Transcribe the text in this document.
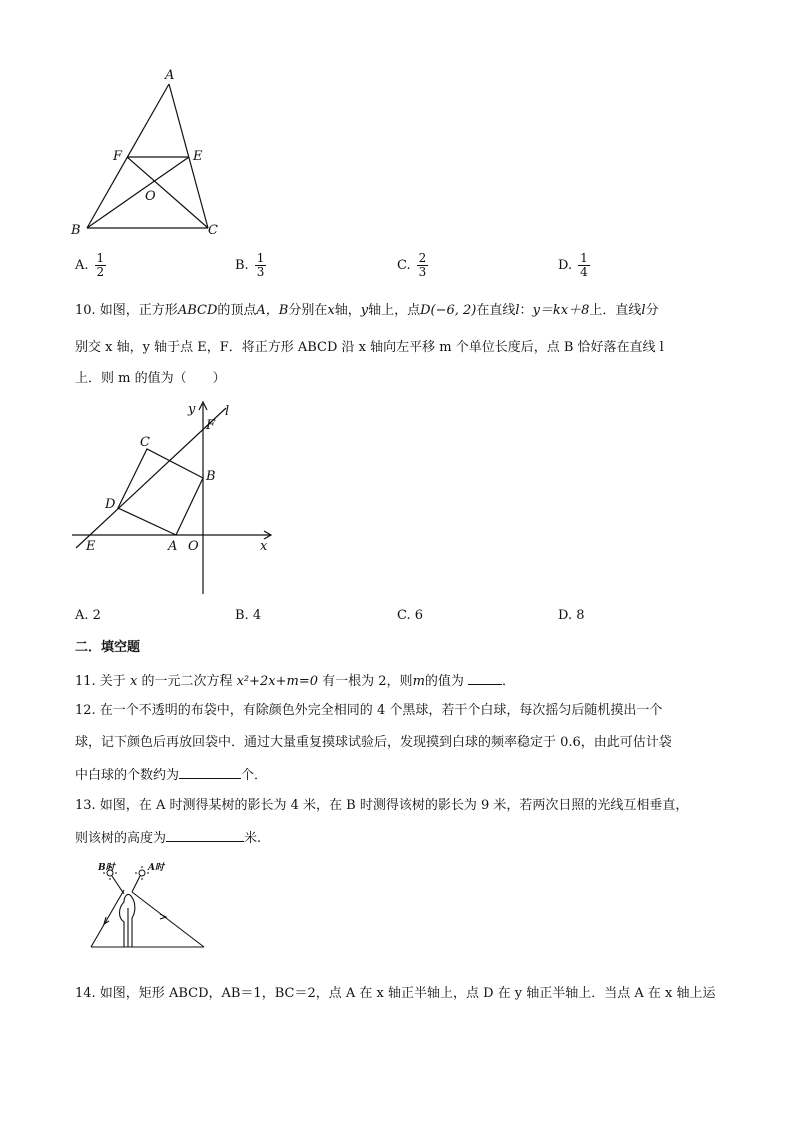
A
F	E
O
B	C
A. $\frac{1}{2}$	B. $\frac{1}{3}$	C. $\frac{2}{3}$	D. $\frac{1}{4}$
10. 如图，正方形ABCD的顶点A，B分别在x轴，y轴上，点D(−6, 2)在直线l：y＝kx＋8上．直线l分
别交 x 轴，y 轴于点 E，F．将正方形 ABCD 沿 x 轴向左平移 m 个单位长度后，点 B 恰好落在直线 l
上．则 m 的值为（　　）
y l
F
C
B
D
E	A O	x
A. 2	B. 4	C. 6	D. 8
二．填空题
11. 关于 x 的一元二次方程 x²+2x+m=0 有一根为 2，则m的值为	．
12. 在一个不透明的布袋中，有除颜色外完全相同的 4 个黑球，若干个白球，每次摇匀后随机摸出一个
球，记下颜色后再放回袋中．通过大量重复摸球试验后，发现摸到白球的频率稳定于 0.6，由此可估计袋
中白球的个数约为	个．
13. 如图，在 A 时测得某树的影长为 4 米，在 B 时测得该树的影长为 9 米，若两次日照的光线互相垂直，
则该树的高度为	米.
B时	A时
14. 如图，矩形 ABCD，AB＝1，BC＝2，点 A 在 x 轴正半轴上，点 D 在 y 轴正半轴上．当点 A 在 x 轴上运
